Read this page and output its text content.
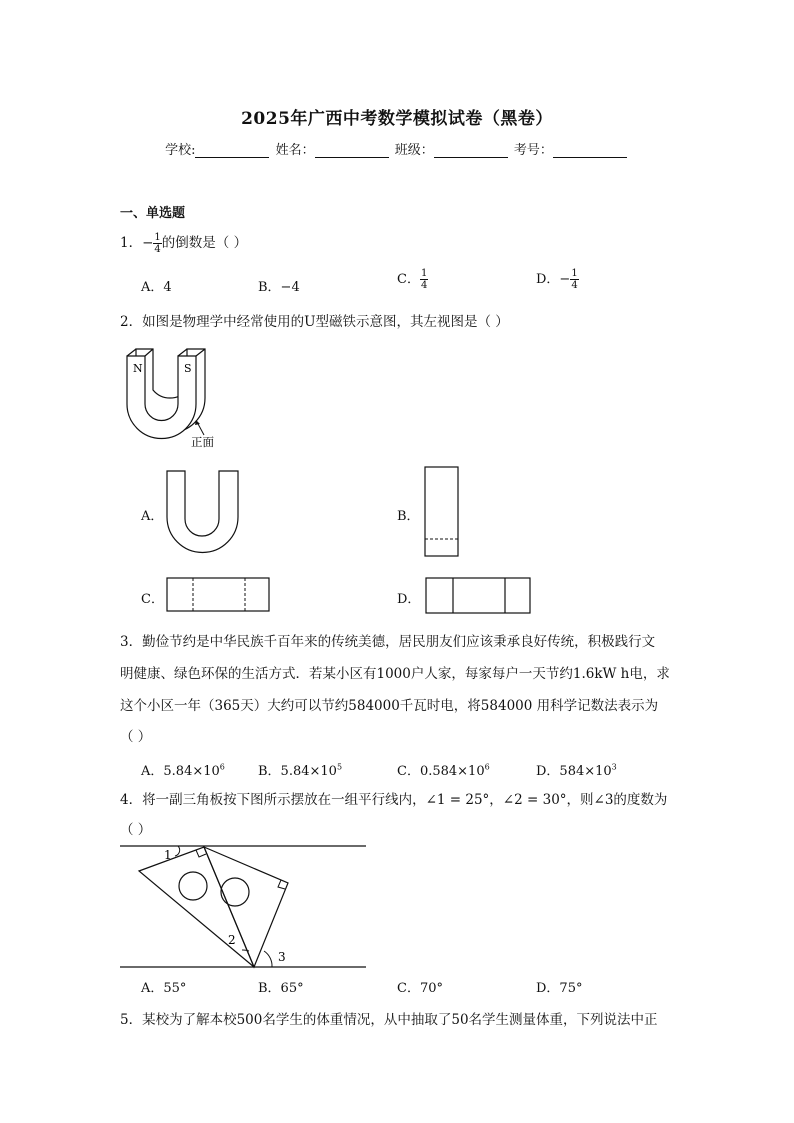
2025年广西中考数学模拟试卷（黑卷）
学校:	姓名：	班级：	考号：
一、单选题
1．− $\frac{1}{4}$ 的倒数是（ ）
A．4	B．−4
C． $\frac{1}{4}$	D．− $\frac{1}{4}$
2．如图是物理学中经常使用的U型磁铁示意图，其左视图是（ ）
N	S
正面
A．	B．
C．	D．
3．勤俭节约是中华民族千百年来的传统美德，居民朋友们应该秉承良好传统，积极践行文
明健康、绿色环保的生活方式．若某小区有1000户人家，每家每户一天节约1.6kW h电，求
这个小区一年（365天）大约可以节约584000千瓦时电，将584000 用科学记数法表示为
（ ）
A．$5.84\times 10^6$	B．$5.84\times 10^5$	C．$0.584\times 10^6$	D．$584\times 10^3$
4．将一副三角板按下图所示摆放在一组平行线内，∠1 = 25°，∠2 = 30°，则∠3的度数为
（ ）
1
2
3
A．55°	B．65°	C．70°	D．75°
5．某校为了解本校500名学生的体重情况，从中抽取了50名学生测量体重，下列说法中正
